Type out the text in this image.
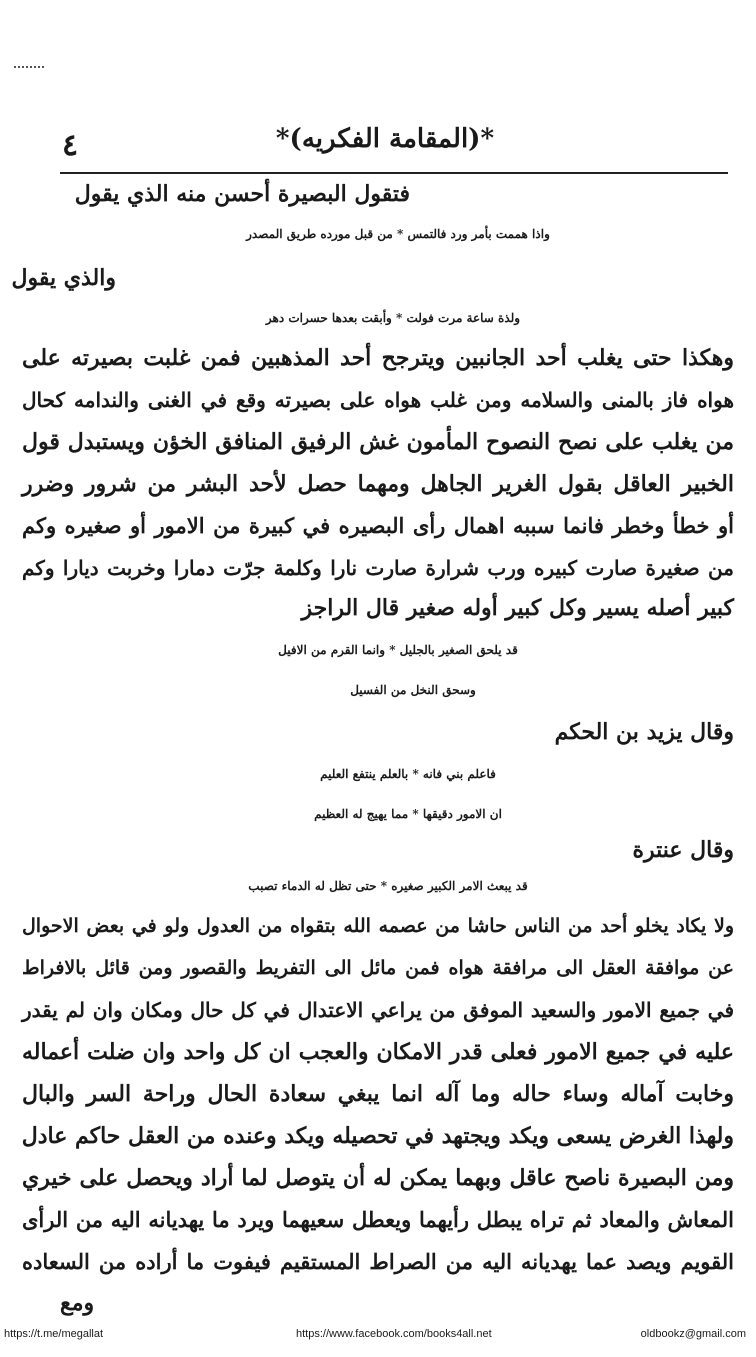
٤	*(المقامة الفكريه)*
فتقول البصيرة أحسن منه الذي يقول
واذا هممت بأمر ورد فالتمس * من قبل مورده طريق المصدر
والذي يقول
ولذة ساعة مرت فولت * وأبقت بعدها حسرات دهر
وهكذا حتى يغلب أحد الجانبين ويترجح أحد المذهبين فمن غلبت بصيرته على
هواه فاز بالمنى والسلامه ومن غلب هواه على بصيرته وقع في الغنى والندامه كحال
من يغلب على نصح النصوح المأمون غش الرفيق المنافق الخؤن ويستبدل قول
الخبير العاقل بقول الغرير الجاهل ومهما حصل لأحد البشر من شرور وضرر
أو خطأ وخطر فانما سببه اهمال رأى البصيره في كبيرة من الامور أو صغيره وكم
من صغيرة صارت كبيره ورب شرارة صارت نارا وكلمة جرّت دمارا وخربت ديارا وكم
كبير أصله يسير وكل كبير أوله صغير قال الراجز
قد يلحق الصغير بالجليل * وانما القرم من الافيل
وسحق النخل من الفسيل
وقال يزيد بن الحكم
فاعلم بني فانه * بالعلم ينتفع العليم
ان الامور دقيقها * مما يهيج له العظيم
وقال عنترة
قد يبعث الامر الكبير صغيره * حتى تظل له الدماء تصبب
ولا يكاد يخلو أحد من الناس حاشا من عصمه الله بتقواه من العدول ولو في بعض الاحوال
عن موافقة العقل الى مرافقة هواه فمن مائل الى التفريط والقصور ومن قائل بالافراط
في جميع الامور والسعيد الموفق من يراعي الاعتدال في كل حال ومكان وان لم يقدر
عليه في جميع الامور فعلى قدر الامكان والعجب ان كل واحد وان ضلت أعماله
وخابت آماله وساء حاله وما آله انما يبغي سعادة الحال وراحة السر والبال
ولهذا الغرض يسعى ويكد ويجتهد في تحصيله ويكد وعنده من العقل حاكم عادل
ومن البصيرة ناصح عاقل وبهما يمكن له أن يتوصل لما أراد ويحصل على خيري
المعاش والمعاد ثم تراه يبطل رأيهما ويعطل سعيهما ويرد ما يهديانه اليه من الرأى
القويم ويصد عما يهديانه اليه من الصراط المستقيم فيفوت ما أراده من السعاده
ومع
https://t.me/megallat	https://www.facebook.com/books4all.net	oldbookz@gmail.com
